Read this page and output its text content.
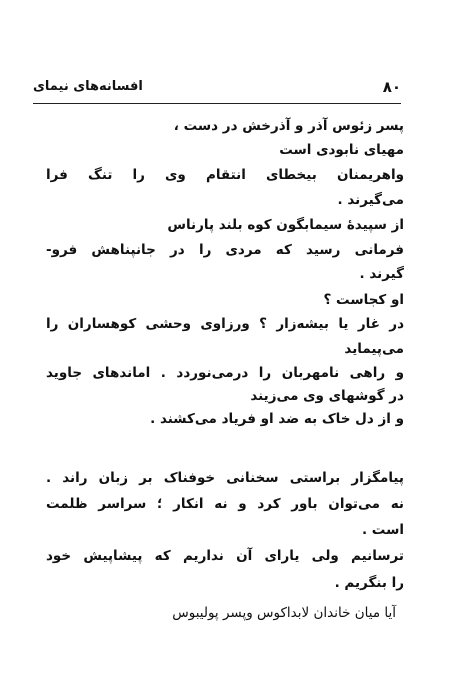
۸۰
افسانه‌های نیمای
پسر زئوس آذر و آذرخش در دست ،
مهیای نابودی است
واهریمنان بیخطای انتقام وی را تنگ فرا
می‌گیرند .
از سپیدهٔ سیمابگون کوه بلند پارناس
فرمانی رسید که مردی را در جانپناهش فرو-
گیرند .
او کجاست ؟
در غار یا بیشه‌زار ؟ ورزاوی وحشی کوهساران را
می‌پیماید
و راهی نامهربان را درمی‌نوردد . اماندهای جاوید
در گوشهای وی می‌زیند
و از دل خاک به ضد او فریاد می‌کشند .
پیامگزار براستی سخنانی خوفناک بر زبان راند .
نه می‌توان باور کرد و نه انکار ؛ سراسر ظلمت
است .
ترسانیم ولی یارای آن نداریم که پیشاپیش خود
را بنگریم .
آیا میان خاندان لابداکوس وپسر پولیبوس
